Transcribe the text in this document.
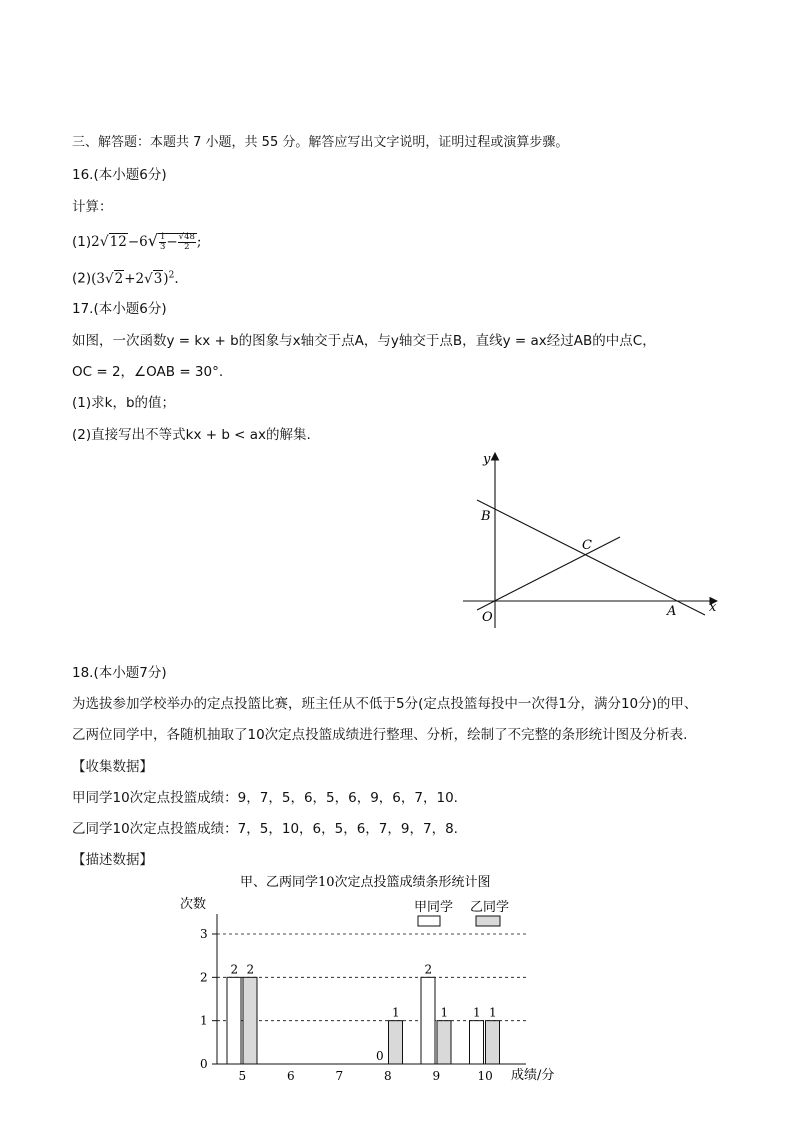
三、解答题：本题共 7 小题，共 55 分。解答应写出文字说明，证明过程或演算步骤。
16.(本小题6分)
计算：
$(1)2√12-6√ \frac{1}{3} - \frac{√48}{2}$ ;
$(2)(3√2+2√3)^2$.
17.(本小题6分)
如图，一次函数y = kx + b的图象与x轴交于点A，与y轴交于点B，直线y = ax经过AB的中点C，
OC = 2，∠OAB = 30°.
(1)求k，b的值；
(2)直接写出不等式kx + b < ax的解集.
y
x
B
C
O	A
18.(本小题7分)
为选拔参加学校举办的定点投篮比赛，班主任从不低于5分(定点投篮每投中一次得1分，满分10分)的甲、
乙两位同学中，各随机抽取了10次定点投篮成绩进行整理、分析，绘制了不完整的条形统计图及分析表.
【收集数据】
甲同学10次定点投篮成绩：9，7，5，6，5，6，9，6，7，10.
乙同学10次定点投篮成绩：7，5，10，6，5，6，7，9，7，8.
【描述数据】
甲、乙两同学10次定点投篮成绩条形统计图
次数
成绩/分
甲同学 乙同学
0
1
2
3
5
2 2
6	7	8
0
1
9
2
1
10
1 1
